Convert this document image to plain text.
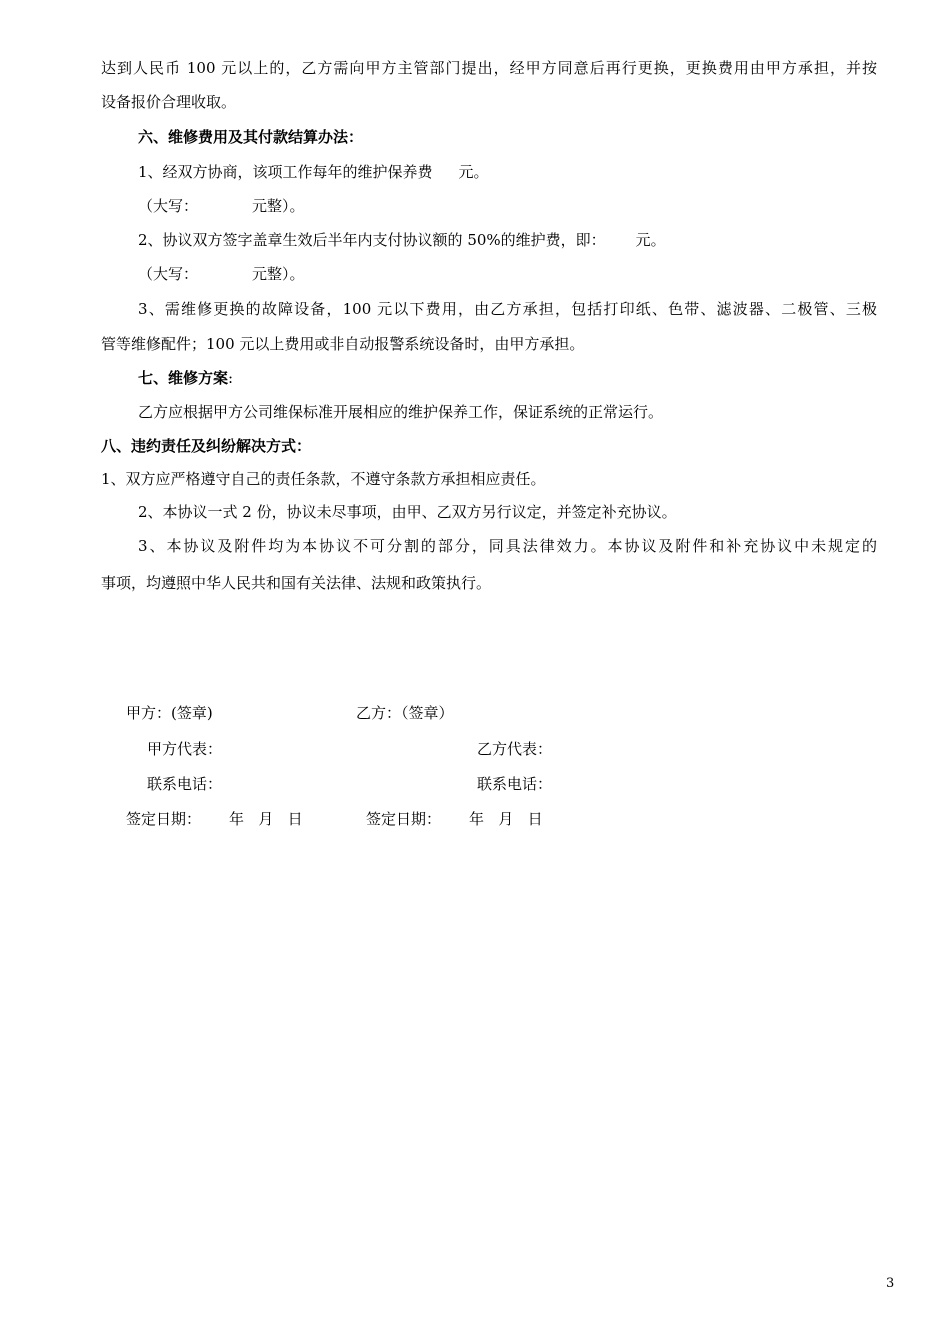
达到人民币 100 元以上的，乙方需向甲方主管部门提出，经甲方同意后再行更换，更换费用由甲方承担，并按
设备报价合理收取。
六、维修费用及其付款结算办法：
1、经双方协商，该项工作每年的维护保养费 元。
（大写：	元整）。
2、协议双方签字盖章生效后半年内支付协议额的 50%的维护费，即： 元。
（大写：	元整）。
3、需维修更换的故障设备，100 元以下费用，由乙方承担，包括打印纸、色带、滤波器、二极管、三极
管等维修配件；100 元以上费用或非自动报警系统设备时，由甲方承担。
七、维修方案:
乙方应根据甲方公司维保标准开展相应的维护保养工作，保证系统的正常运行。
八、违约责任及纠纷解决方式：
1、双方应严格遵守自己的责任条款，不遵守条款方承担相应责任。
2、本协议一式 2 份，协议未尽事项，由甲、乙双方另行议定，并签定补充协议。
3、本协议及附件均为本协议不可分割的部分，同具法律效力。本协议及附件和补充协议中未规定的
事项，均遵照中华人民共和国有关法律、法规和政策执行。
甲方：(签章)	乙方：（签章）
甲方代表：	乙方代表：
联系电话：	联系电话：
签定日期： 年   月   日	签定日期： 年   月   日
3
